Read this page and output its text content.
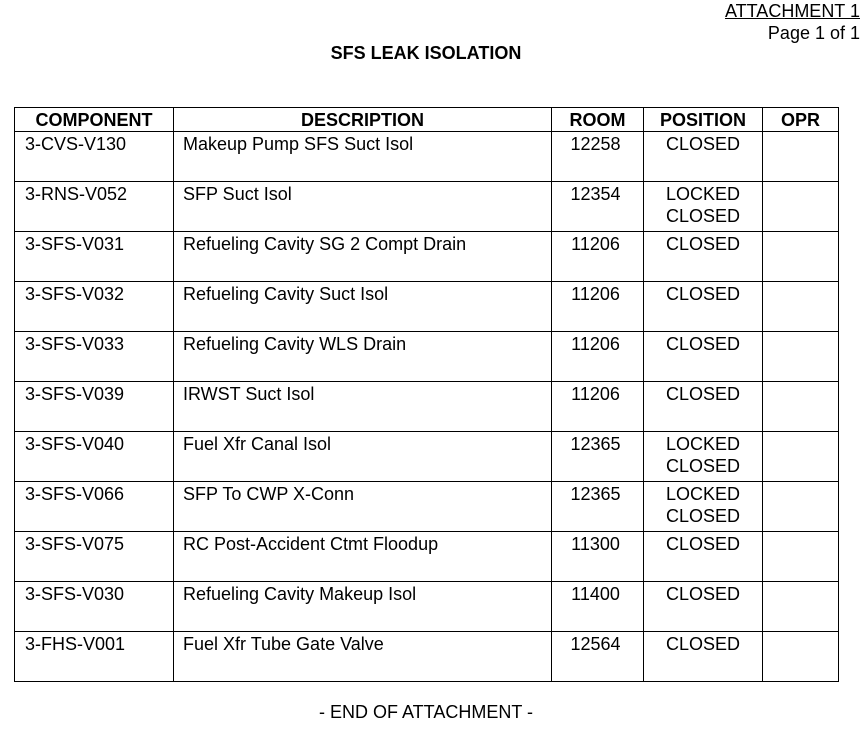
ATTACHMENT 1
Page 1 of 1
SFS LEAK ISOLATION
COMPONENT	DESCRIPTION	ROOM	POSITION	OPR

3-CVS-V130	Makeup Pump SFS Suct Isol	12258	CLOSED	

3-RNS-V052	SFP Suct Isol	12354	LOCKED
CLOSED	

3-SFS-V031	Refueling Cavity SG 2 Compt Drain	11206	CLOSED	

3-SFS-V032	Refueling Cavity Suct Isol	11206	CLOSED	

3-SFS-V033	Refueling Cavity WLS Drain	11206	CLOSED	

3-SFS-V039	IRWST Suct Isol	11206	CLOSED	

3-SFS-V040	Fuel Xfr Canal Isol	12365	LOCKED
CLOSED	

3-SFS-V066	SFP To CWP X-Conn	12365	LOCKED
CLOSED	

3-SFS-V075	RC Post-Accident Ctmt Floodup	11300	CLOSED	

3-SFS-V030	Refueling Cavity Makeup Isol	11400	CLOSED	

3-FHS-V001	Fuel Xfr Tube Gate Valve	12564	CLOSED	

- END OF ATTACHMENT -
